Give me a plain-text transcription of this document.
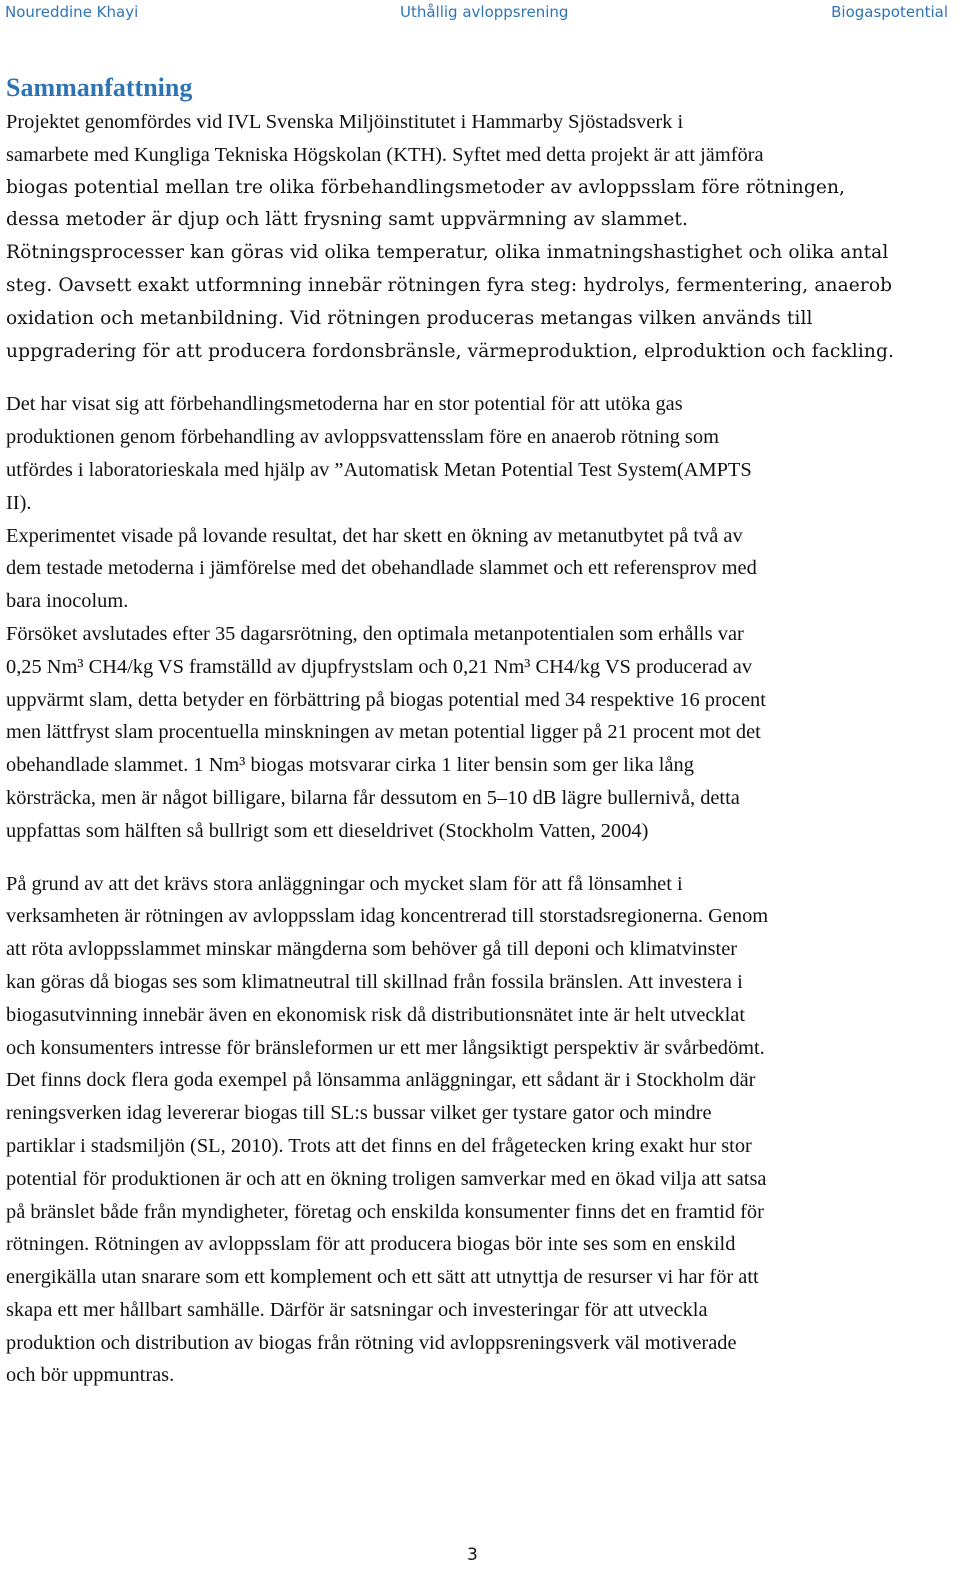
Noureddine Khayi	Uthållig avloppsrening	Biogaspotential
Sammanfattning
Projektet genomfördes vid IVL Svenska Miljöinstitutet i Hammarby Sjöstadsverk i
samarbete med Kungliga Tekniska Högskolan (KTH). Syftet med detta projekt är att jämföra
biogas potential mellan tre olika förbehandlingsmetoder av avloppsslam före rötningen,
dessa metoder är djup och lätt frysning samt uppvärmning av slammet.
Rötningsprocesser kan göras vid olika temperatur, olika inmatningshastighet och olika antal
steg. Oavsett exakt utformning innebär rötningen fyra steg: hydrolys, fermentering, anaerob
oxidation och metanbildning. Vid rötningen produceras metangas vilken används till
uppgradering för att producera fordonsbränsle, värmeproduktion, elproduktion och fackling.
Det har visat sig att förbehandlingsmetoderna har en stor potential för att utöka gas
produktionen genom förbehandling av avloppsvattensslam före en anaerob rötning som
utfördes i laboratorieskala med hjälp av ”Automatisk Metan Potential Test System(AMPTS
II).
Experimentet visade på lovande resultat, det har skett en ökning av metanutbytet på två av
dem testade metoderna i jämförelse med det obehandlade slammet och ett referensprov med
bara inocolum.
Försöket avslutades efter 35 dagarsrötning, den optimala metanpotentialen som erhålls var
0,25 Nm³ CH4/kg VS framställd av djupfrystslam och 0,21 Nm³ CH4/kg VS producerad av
uppvärmt slam, detta betyder en förbättring på biogas potential med 34 respektive 16 procent
men lättfryst slam procentuella minskningen av metan potential ligger på 21 procent mot det
obehandlade slammet. 1 Nm³ biogas motsvarar cirka 1 liter bensin som ger lika lång
körsträcka, men är något billigare, bilarna får dessutom en 5–10 dB lägre bullernivå, detta
uppfattas som hälften så bullrigt som ett dieseldrivet (Stockholm Vatten, 2004)
På grund av att det krävs stora anläggningar och mycket slam för att få lönsamhet i
verksamheten är rötningen av avloppsslam idag koncentrerad till storstadsregionerna. Genom
att röta avloppsslammet minskar mängderna som behöver gå till deponi och klimatvinster
kan göras då biogas ses som klimatneutral till skillnad från fossila bränslen. Att investera i
biogasutvinning innebär även en ekonomisk risk då distributionsnätet inte är helt utvecklat
och konsumenters intresse för bränsleformen ur ett mer långsiktigt perspektiv är svårbedömt.
Det finns dock flera goda exempel på lönsamma anläggningar, ett sådant är i Stockholm där
reningsverken idag levererar biogas till SL:s bussar vilket ger tystare gator och mindre
partiklar i stadsmiljön (SL, 2010). Trots att det finns en del frågetecken kring exakt hur stor
potential för produktionen är och att en ökning troligen samverkar med en ökad vilja att satsa
på bränslet både från myndigheter, företag och enskilda konsumenter finns det en framtid för
rötningen. Rötningen av avloppsslam för att producera biogas bör inte ses som en enskild
energikälla utan snarare som ett komplement och ett sätt att utnyttja de resurser vi har för att
skapa ett mer hållbart samhälle. Därför är satsningar och investeringar för att utveckla
produktion och distribution av biogas från rötning vid avloppsreningsverk väl motiverade
och bör uppmuntras.
3
